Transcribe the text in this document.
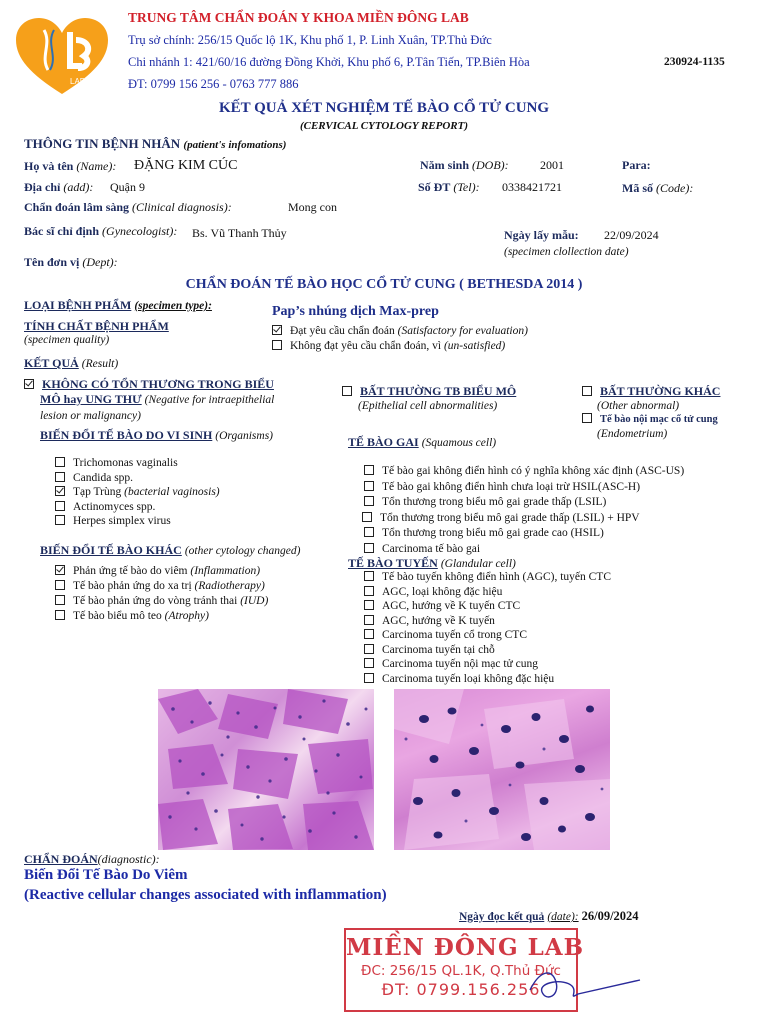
LAB
TRUNG TÂM CHẨN ĐOÁN Y KHOA MIỀN ĐÔNG LAB
Trụ sở chính: 256/15 Quốc lộ 1K, Khu phố 1, P. Linh Xuân, TP.Thủ Đức
Chi nhánh 1: 421/60/16 đường Đồng Khởi, Khu phố 6, P.Tân Tiến, TP.Biên Hòa
ĐT: 0799 156 256 - 0763 777 886
230924-1135
KẾT QUẢ XÉT NGHIỆM TẾ BÀO CỔ TỬ CUNG
(CERVICAL CYTOLOGY REPORT)
THÔNG TIN BỆNH NHÂN (patient's infomations)
Họ và tên (Name): ĐẶNG KIM CÚC	Năm sinh (DOB):	2001	Para:
Địa chỉ (add): Quận 9	Số ĐT (Tel): 0338421721	Mã số (Code):
Chẩn đoán lâm sàng (Clinical diagnosis):	Mong con
Bác sĩ chỉ định (Gynecologist): Bs. Vũ Thanh Thủy	Ngày lấy mẫu: 22/09/2024
(specimen clollection date)
Tên đơn vị (Dept):
CHẨN ĐOÁN TẾ BÀO HỌC CỔ TỬ CUNG ( BETHESDA 2014 )
LOẠI BỆNH PHẨM (specimen type):	Pap’s nhúng dịch Max-prep
TÍNH CHẤT BỆNH PHẨM
(specimen quality)
Đạt yêu cầu chẩn đoán (Satisfactory for evaluation)
Không đạt yêu cầu chẩn đoán, vì (un-satisfied)
KẾT QUẢ (Result)
KHÔNG CÓ TỔN THƯƠNG TRONG BIỂU
MÔ hay UNG THƯ (Negative for intraepithelial
lesion or malignancy)
BIẾN ĐỔI TẾ BÀO DO VI SINH (Organisms)
Trichomonas vaginalis
Candida spp.
Tạp Trùng (bacterial vaginosis)
Actinomyces spp.
Herpes simplex virus
BIẾN ĐỔI TẾ BÀO KHÁC (other cytology changed)
Phản ứng tế bào do viêm (Inflammation)
Tế bào phản ứng do xa trị (Radiotherapy)
Tế bào phản ứng do vòng tránh thai (IUD)
Tế bào biểu mô teo (Atrophy)
BẤT THƯỜNG TB BIỂU MÔ
(Epithelial cell abnormalities)
TẾ BÀO GAI (Squamous cell)
Tế bào gai không điển hình có ý nghĩa không xác định (ASC-US)
Tế bào gai không điển hình chưa loại trừ HSIL(ASC-H)
Tổn thương trong biểu mô gai grade thấp (LSIL)
Tổn thương trong biểu mô gai grade thấp (LSIL) + HPV
Tổn thương trong biểu mô gai grade cao (HSIL)
Carcinoma tế bào gai
TẾ BÀO TUYẾN (Glandular cell)
Tế bào tuyến không điển hình (AGC), tuyến CTC
AGC, loại không đặc hiệu
AGC, hướng về K tuyến CTC
AGC, hướng về K tuyến
Carcinoma tuyến cổ trong CTC
Carcinoma tuyến tại chỗ
Carcinoma tuyến nội mạc tử cung
Carcinoma tuyến loại không đặc hiệu
BẤT THƯỜNG KHÁC
(Other abnormal)
Tế bào nội mạc cổ tử cung
(Endometrium)
CHẨN ĐOÁN(diagnostic):
Biến Đổi Tế Bào Do Viêm
(Reactive cellular changes associated with inflammation)
Ngày đọc kết quả (date): 26/09/2024
MIỀN ĐÔNG LAB
ĐC: 256/15 QL.1K, Q.Thủ Đức
ĐT: 0799.156.256
